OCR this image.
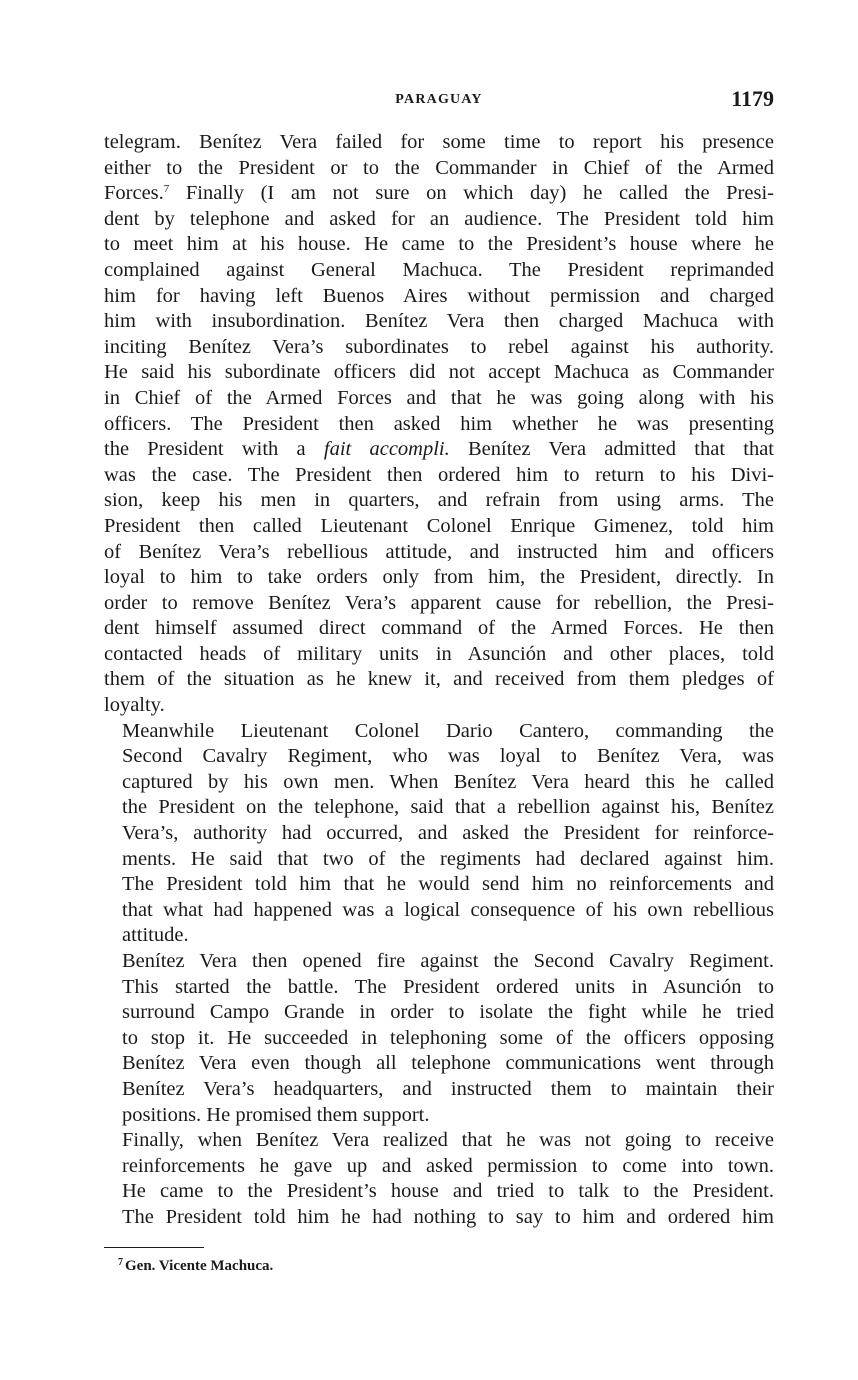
PARAGUAY	1179

telegram. Benítez Vera failed for some time to report his presence
either to the President or to the Commander in Chief of the Armed
Forces.$^7$ Finally (I am not sure on which day) he called the Presi-
dent by telephone and asked for an audience. The President told him
to meet him at his house. He came to the President’s house where he
complained against General Machuca. The President reprimanded
him for having left Buenos Aires without permission and charged
him with insubordination. Benítez Vera then charged Machuca with
inciting Benítez Vera’s subordinates to rebel against his authority.
He said his subordinate officers did not accept Machuca as Commander
in Chief of the Armed Forces and that he was going along with his
officers. The President then asked him whether he was presenting
the President with a fait accompli. Benítez Vera admitted that that
was the case. The President then ordered him to return to his Divi-
sion, keep his men in quarters, and refrain from using arms. The
President then called Lieutenant Colonel Enrique Gimenez, told him
of Benítez Vera’s rebellious attitude, and instructed him and officers
loyal to him to take orders only from him, the President, directly. In
order to remove Benítez Vera’s apparent cause for rebellion, the Presi-
dent himself assumed direct command of the Armed Forces. He then
contacted heads of military units in Asunción and other places, told
them of the situation as he knew it, and received from them pledges of
loyalty.

Meanwhile Lieutenant Colonel Dario Cantero, commanding the
Second Cavalry Regiment, who was loyal to Benítez Vera, was
captured by his own men. When Benítez Vera heard this he called
the President on the telephone, said that a rebellion against his, Benítez
Vera’s, authority had occurred, and asked the President for reinforce-
ments. He said that two of the regiments had declared against him.
The President told him that he would send him no reinforcements and
that what had happened was a logical consequence of his own rebellious
attitude.

Benítez Vera then opened fire against the Second Cavalry Regiment.
This started the battle. The President ordered units in Asunción to
surround Campo Grande in order to isolate the fight while he tried
to stop it. He succeeded in telephoning some of the officers opposing
Benítez Vera even though all telephone communications went through
Benítez Vera’s headquarters, and instructed them to maintain their
positions. He promised them support.

Finally, when Benítez Vera realized that he was not going to receive
reinforcements he gave up and asked permission to come into town.
He came to the President’s house and tried to talk to the President.
The President told him he had nothing to say to him and ordered him

$^7$ Gen. Vicente Machuca.
